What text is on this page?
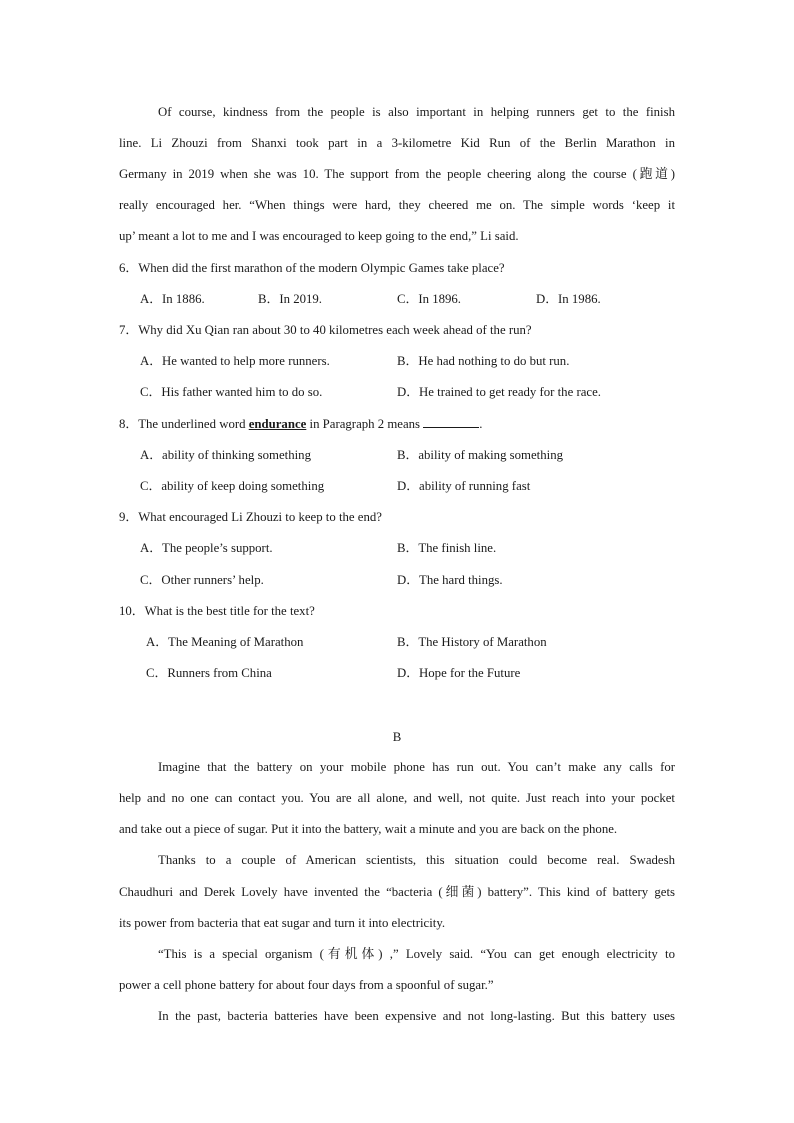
Of course, kindness from the people is also important in helping runners get to the finish
line. Li Zhouzi from Shanxi took part in a 3-kilometre Kid Run of the Berlin Marathon in
Germany in 2019 when she was 10. The support from the people cheering along the course (跑道)
really encouraged her. “When things were hard, they cheered me on. The simple words ‘keep it
up’ meant a lot to me and I was encouraged to keep going to the end,” Li said.
6．When did the first marathon of the modern Olympic Games take place?
A．In 1886.	B．In 2019.	C．In 1896.	D．In 1986.
7．Why did Xu Qian ran about 30 to 40 kilometres each week ahead of the run?
A．He wanted to help more runners.	B．He had nothing to do but run.
C．His father wanted him to do so.	D．He trained to get ready for the race.
8．The underlined word endurance in Paragraph 2 means	.
A．ability of thinking something	B．ability of making something
C．ability of keep doing something	D．ability of running fast
9．What encouraged Li Zhouzi to keep to the end?
A．The people’s support.	B．The finish line.
C．Other runners’ help.	D．The hard things.
10．What is the best title for the text?
A．The Meaning of Marathon	B．The History of Marathon
C．Runners from China	D．Hope for the Future
B
Imagine that the battery on your mobile phone has run out. You can’t make any calls for
help and no one can contact you. You are all alone, and well, not quite. Just reach into your pocket
and take out a piece of sugar. Put it into the battery, wait a minute and you are back on the phone.
Thanks to a couple of American scientists, this situation could become real. Swadesh
Chaudhuri and Derek Lovely have invented the “bacteria (细菌) battery”. This kind of battery gets
its power from bacteria that eat sugar and turn it into electricity.
“This is a special organism (有机体) ,” Lovely said. “You can get enough electricity to
power a cell phone battery for about four days from a spoonful of sugar.”
In the past, bacteria batteries have been expensive and not long-lasting. But this battery uses
